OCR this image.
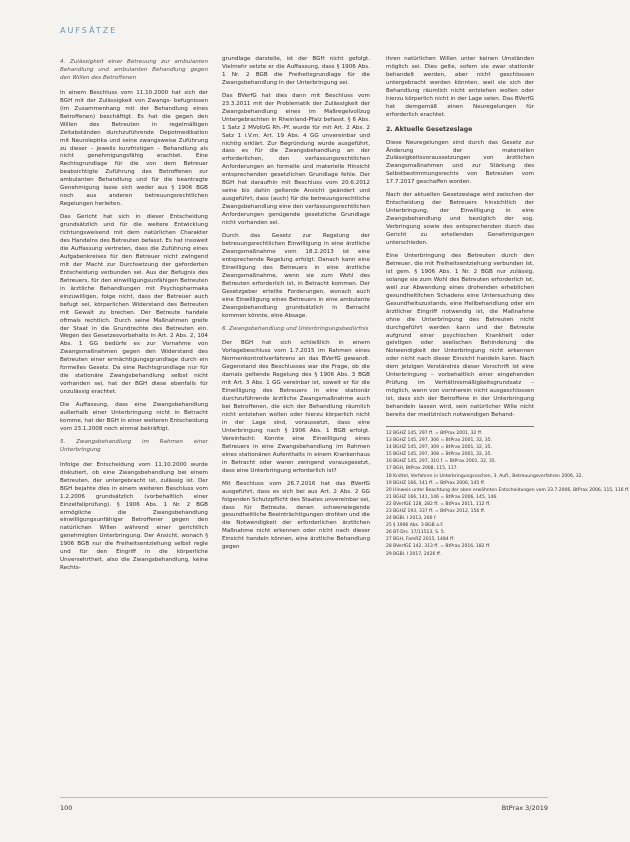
AUFSÄTZE

4. Zulässigkeit einer Betreuung zur ambulanten Behandlung und ambulanten Behandlung gegen den Willen des Betroffenen

In einem Beschluss vom 11.10.2000 hat sich der BGH mit der Zulässigkeit von Zwangs- befugnissen (im Zusammenhang mit der Behandlung eines Betroffenen) beschäftigt. Es hat die gegen den Willen des Betreuten in regelmäßigen Zeitabständen durchzuführende Depotmedikation mit Neuroleptika und seine zwangsweise Zuführung zu dieser – jeweils kurzfristigen – Behandlung als nicht genehmigungsfähig erachtet. Eine Rechtsgrundlage für die von dem Betreuer beabsichtigte Zuführung des Betroffenen zur ambulanten Behandlung und für die beantragte Genehmigung lasse sich weder aus § 1906 BGB noch aus anderen betreuungsrechtlichen Regelungen herleiten.

Das Gericht hat sich in dieser Entscheidung grundsätzlich und für die weitere Entwicklung richtungsweisend mit dem natürlichen Charakter des Handelns des Betreuten befasst. Es hat insoweit die Auffassung vertreten, dass die Zuführung eines Aufgabenkreises für den Betreuer nicht zwingend mit der Macht zur Durchsetzung der geforderten Entscheidung verbunden sei. Aus der Befugnis des Betreuers, für den einwilligungsunfähigen Betreuten in ärztliche Behandlungen mit Psychopharmaka einzuwilligen, folge nicht, dass der Betreuer auch befugt sei, körperlichen Widerstand des Betreuten mit Gewalt zu brechen. Der Betreute handele oftmals rechtlich. Durch seine Maßnahmen greife der Staat in die Grundrechte des Betreuten ein. Wegen des Gesetzesvorbehalts in Art. 2 Abs. 2, 104 Abs. 1 GG bedürfe es zur Vornahme von Zwangsmaßnahmen gegen den Widerstand des Betreuten einer ermächtigungsgrundlage durch ein formelles Gesetz. Da eine Rechtsgrundlage nur für die stationäre Zwangsbehandlung selbst nicht vorhanden sei, hat der BGH diese ebenfalls für unzulässig erachtet.

Die Auffassung, dass eine Zwangsbehandlung außerhalb einer Unterbringung nicht in Betracht komme, hat der BGH in einer weiteren Entscheidung vom 23.1.2008 noch einmal bekräftigt.

5. Zwangsbehandlung im Rahmen einer Unterbringung

Infolge der Entscheidung vom 11.10.2000 wurde diskutiert, ob eine Zwangsbehandlung bei einem Betreuten, der untergebracht ist, zulässig ist. Der BGH bejahte dies in einem weiteren Beschluss vom 1.2.2006 grundsätzlich (vorbehaltlich einer Einzelfallprüfung). § 1906 Abs. 1 Nr. 2 BGB ermögliche die Zwangsbehandlung einwilligungsunfähiger Betroffener gegen den natürlichen Willen während einer gerichtlich genehmigten Unterbringung. Der Ansicht, wonach § 1906 BGB nur die Freiheitsentziehung selbst regle und für den Eingriff in die körperliche Unversehrtheit, also die Zwangsbehandlung, keine Rechts-

grundlage darstelle, ist der BGH nicht gefolgt. Vielmehr setzte er die Auffassung, dass § 1906 Abs. 1 Nr. 2 BGB die Freiheitsgrundlage für die Zwangsbehandlung in der Unterbringung sei.

Das BVerfG hat dies dann mit Beschluss vom 23.3.2011 mit der Problematik der Zulässigkeit der Zwangsbehandlung eines im Maßregelvollzug Untergebrachten in Rheinland-Pfalz befasst. § 6 Abs. 1 Satz 2 MVollzG Rh.-Pf. wurde für mit Art. 2 Abs. 2 Satz 1 i.V.m. Art. 19 Abs. 4 GG unvereinbar und nichtig erklärt. Zur Begründung wurde ausgeführt, dass es für die Zwangsbehandlung an der erforderlichen, den verfassungsrechtlichen Anforderungen an formelle und materielle Hinsicht entsprechenden gesetzlichen Grundlage fehle. Der BGH hat daraufhin mit Beschluss vom 20.6.2012 seine bis dahin geltende Ansicht geändert und ausgeführt, dass (auch) für die betreuungsrechtliche Zwangsbehandlung eine den verfassungsrechtlichen Anforderungen genügende gesetzliche Grundlage nicht vorhanden sei.

Durch das Gesetz zur Regelung der betreuungsrechtlichen Einwilligung in eine ärztliche Zwangsmaßnahme vom 18.2.2013 ist eine entsprechende Regelung erfolgt. Danach kann eine Einwilligung des Betreuers in eine ärztliche Zwangsmaßnahme, wenn sie zum Wohl des Betreuten erforderlich ist, in Betracht kommen. Der Gesetzgeber erteilte Forderungen, wonach auch eine Einwilligung eines Betreuers in eine ambulante Zwangsbehandlung grundsätzlich in Betracht kommen könnte, eine Absage.

6. Zwangsbehandlung und Unterbringungsbedürfnis

Der BGH hat sich schließlich in einem Vorlagebeschluss vom 1.7.2015 im Rahmen eines Normenkontrollverfahrens an das BVerfG gewandt. Gegenstand des Beschlusses war die Frage, ob die damals geltende Regelung des § 1906 Abs. 3 BGB mit Art. 3 Abs. 1 GG vereinbar ist, soweit er für die Einwilligung des Betreuers in eine stationär durchzuführende ärztliche Zwangsmaßnahme auch bei Betroffenen, die sich der Behandlung räumlich nicht entziehen wollen oder hierzu körperlich nicht in der Lage sind, voraussetzt, dass eine Unterbringung nach § 1906 Abs. 1 BGB erfolgt. Vereinfacht: Konnte eine Einwilligung eines Betreuers in eine Zwangsbehandlung im Rahmen eines stationären Aufenthalts in einem Krankenhaus in Betracht oder waren zwingend vorausgesetzt, dass eine Unterbringung erforderlich ist?

Mit Beschluss vom 26.7.2016 hat das BVerfG ausgeführt, dass es sich bei aus Art. 2 Abs. 2 GG folgenden Schutzpflicht des Staates unvereinbar sei, dass für Betreute, denen schwerwiegende gesundheitliche Beeinträchtigungen drohten und die die Notwendigkeit der erforderlichen ärztlichen Maßnahme nicht erkennen oder nicht nach dieser Einsicht handeln können, eine ärztliche Behandlung gegen

ihren natürlichen Willen unter keinen Umständen möglich sei. Dies gelte, sofern sie zwar stationär behandelt werden, aber nicht geschlossen untergebracht werden könnten, weil sie sich der Behandlung räumlich nicht entziehen wollen oder hierzu körperlich nicht in der Lage seien. Das BVerfG hat demgemäß einen Neuregelungen für erforderlich erachtet.

2. Aktuelle Gesetzeslage

Diese Neuregelungen sind durch das Gesetz zur Änderung der materiellen Zulässigkeitsvoraussetzungen von ärztlichen Zwangsmaßnahmen und zur Stärkung des Selbstbestimmungsrechts von Betreuten vom 17.7.2017 geschaffen worden.

Nach der aktuellen Gesetzeslage wird zwischen der Entscheidung der Betreuers hinsichtlich der Unterbringung, der Einwilligung in eine Zwangsbehandlung und bezüglich der sog. Verbringung sowie des entsprechenden durch das Gericht zu erteilenden Genehmigungen unterschieden.

Eine Unterbringung des Betreuten durch den Betreuer, die mit Freiheitsentziehung verbunden ist, ist gem. § 1906 Abs. 1 Nr. 2 BGB nur zulässig, solange sie zum Wohl des Betreuten erforderlich ist, weil zur Abwendung eines drohenden erheblichen gesundheitlichen Schadens eine Untersuchung des Gesundheitszustands, eine Heilbehandlung oder ein ärztlicher Eingriff notwendig ist, die Maßnahme ohne die Unterbringung des Betreuten nicht durchgeführt werden kann und der Betreute aufgrund einer psychischen Krankheit oder geistigen oder seelischen Behinderung die Notwendigkeit der Unterbringung nicht erkennen oder nicht nach dieser Einsicht handeln kann. Nach dem jetzigen Verständnis dieser Vorschrift ist eine Unterbringung – vorbehaltlich einer eingehenden Prüfung im Verhältnismäßigkeitsgrundsatz – möglich, wenn von vornherein nicht ausgeschlossen ist, dass sich der Betroffene in der Unterbringung behandeln lassen wird, sein natürlicher Wille nicht bereits der medizinisch notwendigen Behand-

12 BGHZ 145, 297 ff. = BtPrax 2001, 32 ff.
13 BGHZ 145, 297, 306 = BtPrax 2001, 32, 35.
14 BGHZ 145, 297, 309 = BtPrax 2001, 32, 35.
15 BGHZ 145, 297, 308 = BtPrax 2001, 32, 35.
16 BGHZ 145, 297, 310 f. = BtPrax 2001, 32, 35.
17 BGH, BtPrax 2008, 115, 117.
18 Knittel, Verfahren in Unterbringungssachen, 3. Aufl., Betreuungsverfahren 2006, 32.
19 BGHZ 166, 141 ff. = BtPrax 2006, 145 ff.
20 Hinweis unter Beachtung der oben erwähnten Entscheidungen vom 23.7.2006, BtPrax 2006, 115, 116 ff.
21 BGHZ 166, 141, 146 = BtPrax 2006, 145, 146.
22 BVerfGE 128, 282 ff. = BtPrax 2011, 112 ff.
23 BGHZ 193, 337 ff. = BtPrax 2012, 156 ff.
24 BGBl. I 2013, 266 f.
25 § 1906 Abs. 3 BGB a.F.
26 BT-Drs. 17/11513, S. 5.
27 BGH, FamRZ 2015, 1484 ff.
28 BVerfGE 142, 313 ff. = BtPrax 2016, 182 ff.
29 BGBl. I 2017, 2426 ff.
100	BtPrax 3/2019
